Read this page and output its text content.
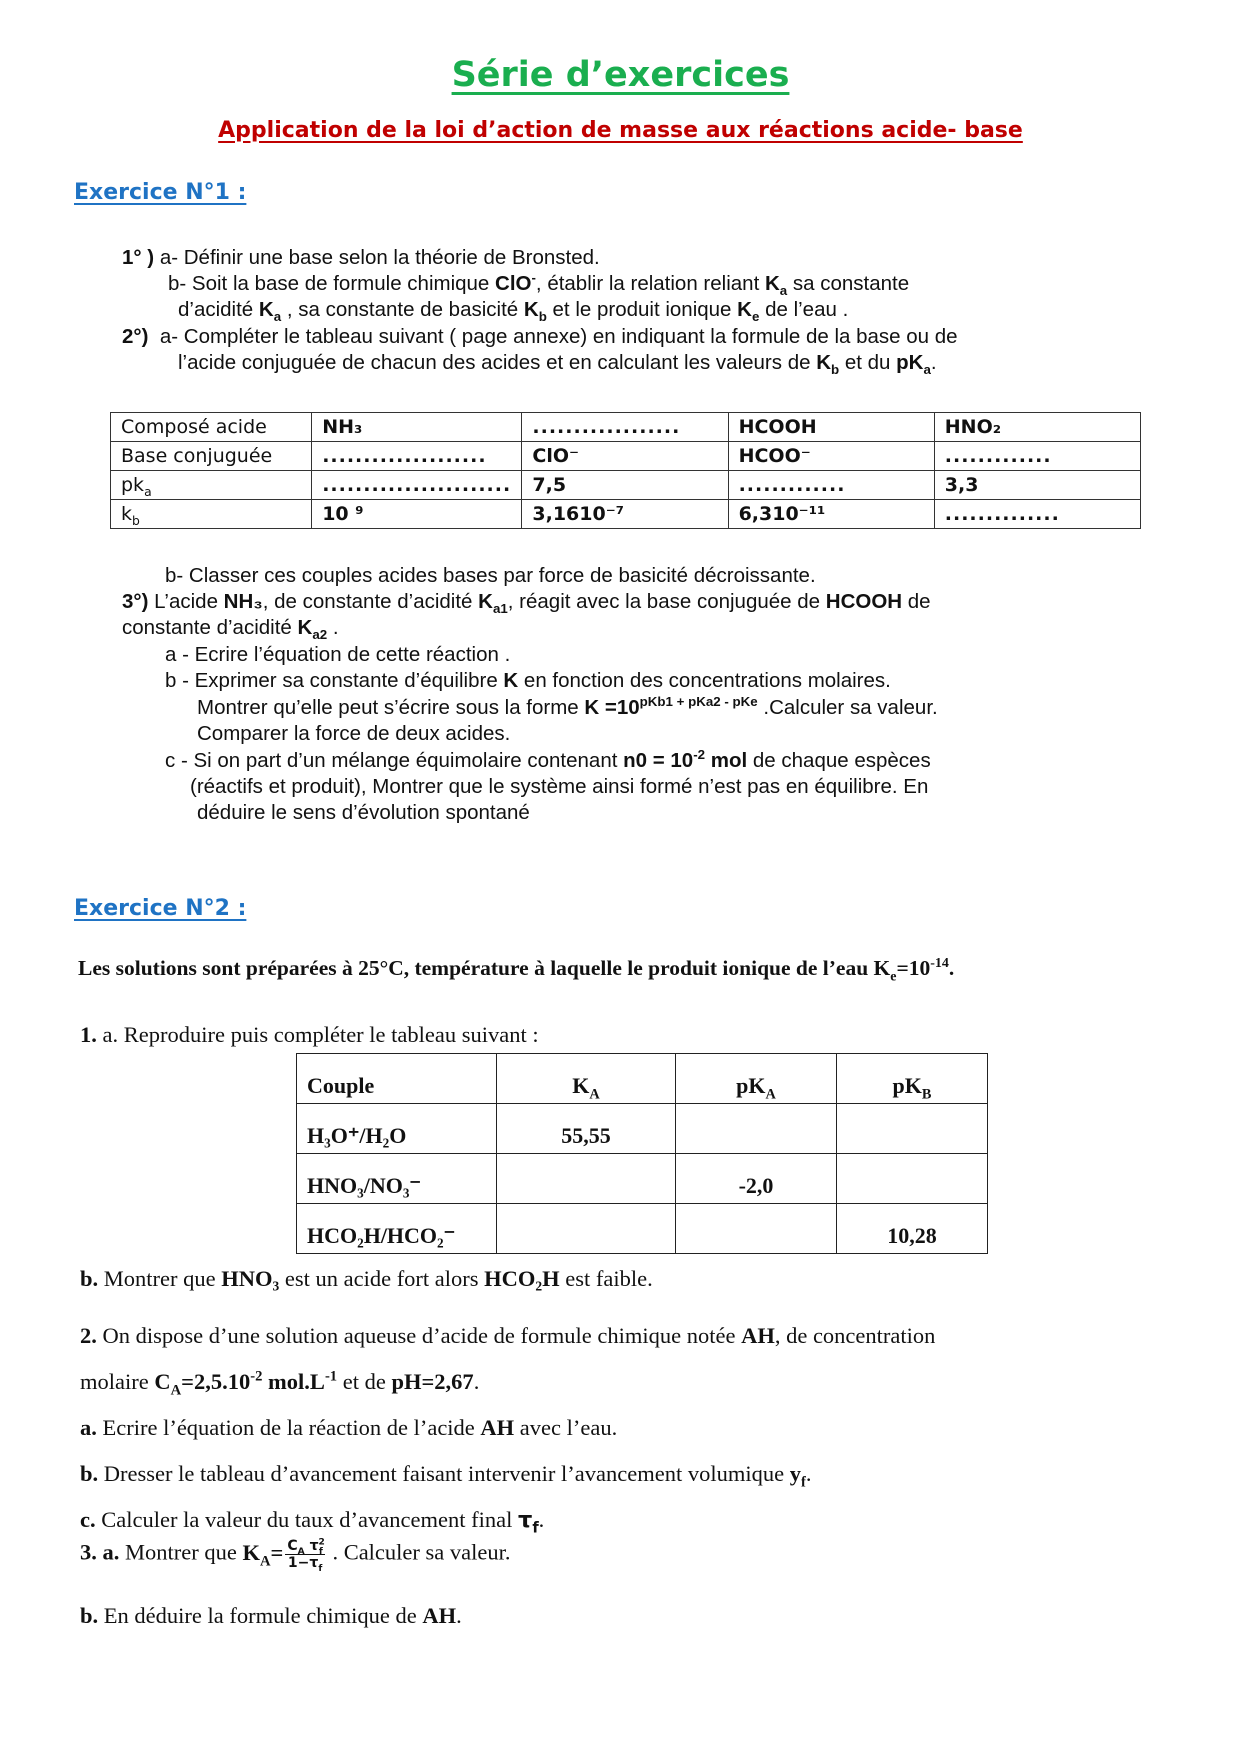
Série d’exercices
Application de la loi d’action de masse aux réactions acide- base
Exercice N°1 :
1° ) a- Définir une base selon la théorie de Bronsted.
b- Soit la base de formule chimique ClO-, établir la relation reliant $K_a$ sa constante
d’acidité $K_a$ , sa constante de basicité $K_b$ et le produit ionique $K_e$ de l’eau .
2°) a- Compléter le tableau suivant ( page annexe) en indiquant la formule de la base ou de
l’acide conjuguée de chacun des acides et en calculant les valeurs de $K_b$ et du $pK_a$.
Composé acide	NH₃	..................	HCOOH	HNO₂
Base conjuguée	....................	ClO⁻	HCOO⁻	.............
$pk_a$	.......................	7,5	.............	3,3
$k_b$	10 ⁹	3,1610⁻⁷	6,310⁻¹¹	..............
b- Classer ces couples acides bases par force de basicité décroissante.
3°) L’acide NH₃, de constante d’acidité $K_{a1}$, réagit avec la base conjuguée de HCOOH de
constante d’acidité $K_{a2}$ .
a - Ecrire l’équation de cette réaction .
b - Exprimer sa constante d’équilibre K en fonction des concentrations molaires.
Montrer qu’elle peut s’écrire sous la forme $K =10^{pKb1 + pKa2 - pKe}$ .Calculer sa valeur.
Comparer la force de deux acides.
c - Si on part d’un mélange équimolaire contenant $n0 = 10^{-2}$ mol de chaque espèces
(réactifs et produit), Montrer que le système ainsi formé n’est pas en équilibre. En
déduire le sens d’évolution spontané
Exercice N°2 :
Les solutions sont préparées à 25°C, température à laquelle le produit ionique de l’eau $K_e=10^{-14}$.
1. a. Reproduire puis compléter le tableau suivant :
Couple	$K_A$	$pK_A$	$pK_B$
H₃O⁺/H₂O	55,55		
HNO₃/NO₃⁻		-2,0	
HCO₂H/HCO₂⁻			10,28
b. Montrer que HNO₃ est un acide fort alors HCO₂H est faible.
2. On dispose d’une solution aqueuse d’acide de formule chimique notée AH, de concentration
molaire $C_A=2,5.10^{-2}$ $mol.L^{-1}$ et de pH=2,67.
a. Ecrire l’équation de la réaction de l’acide AH avec l’eau.
b. Dresser le tableau d’avancement faisant intervenir l’avancement volumique $y_f$.
c. Calculer la valeur du taux d’avancement final $\tau_f$.
3. a. Montrer que $K_A= \frac{C_A \tau^2_f}{1-\tau_f}$ . Calculer sa valeur.
b. En déduire la formule chimique de AH.
